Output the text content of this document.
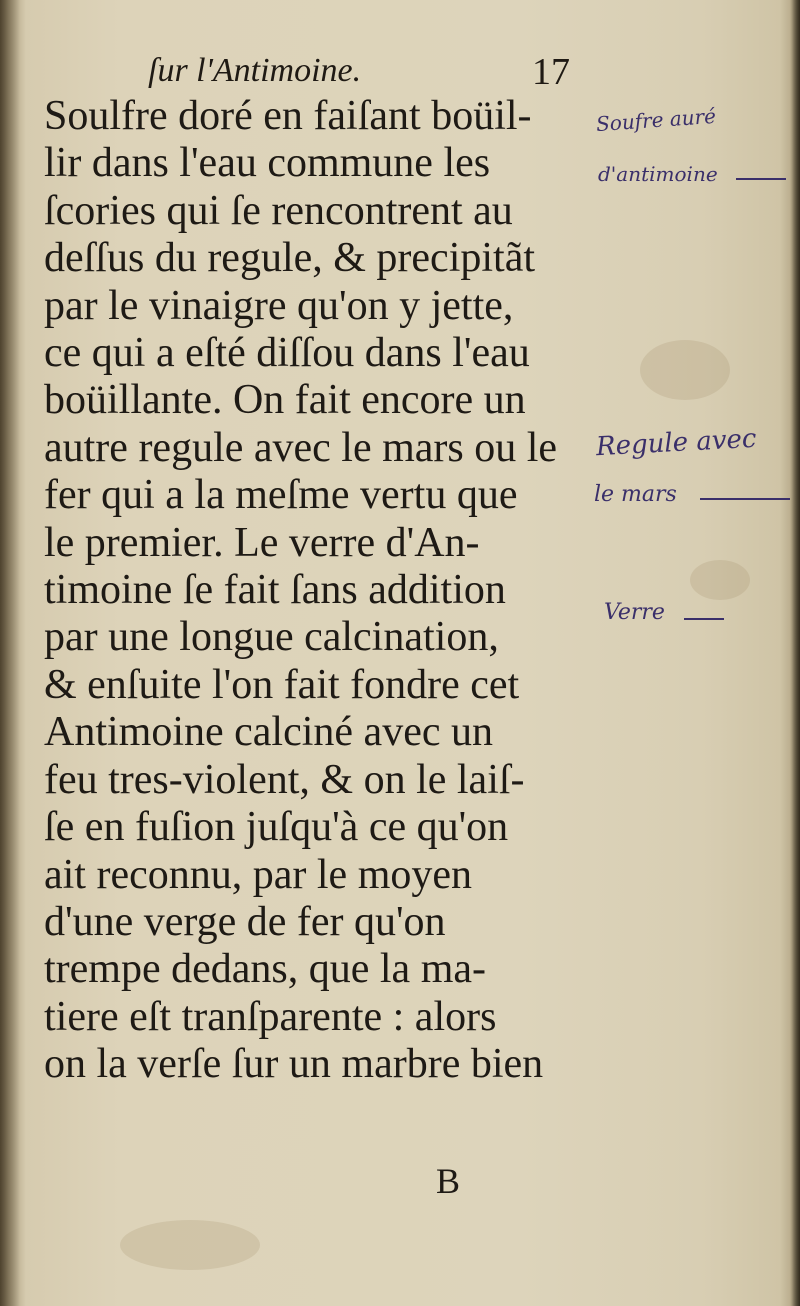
ſur l'Antimoine.	17
Soulfre doré en faiſant boüil-
lir dans l'eau commune les
ſcories qui ſe rencontrent au
deſſus du regule, & precipitãt
par le vinaigre qu'on y jette,
ce qui a eſté diſſou dans l'eau
boüillante. On fait encore un
autre regule avec le mars ou le
fer qui a la meſme vertu que
le premier. Le verre d'An-
timoine ſe fait ſans addition
par une longue calcination,
& enſuite l'on fait fondre cet
Antimoine calciné avec un
feu tres-violent, & on le laiſ-
ſe en fuſion juſqu'à ce qu'on
ait reconnu, par le moyen
d'une verge de fer qu'on
trempe dedans, que la ma-
tiere eſt tranſparente : alors
on la verſe ſur un marbre bien
B
Soufre auré
d'antimoine
Regule avec
le mars
Verre
